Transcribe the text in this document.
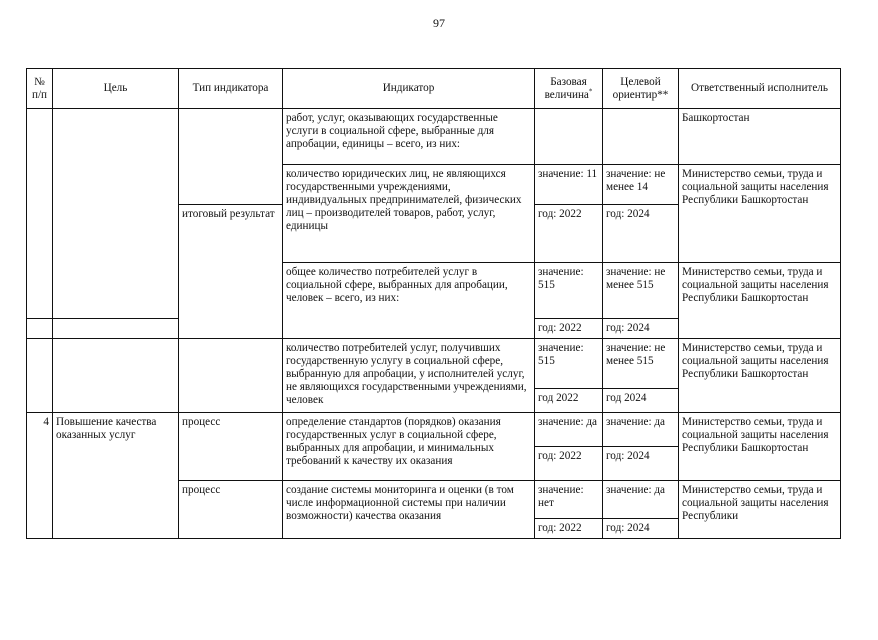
97
№ п/п	Цель	Тип индикатора	Индикатор	Базовая величина*	Целевой ориентир**	Ответственный исполнитель
			работ, услуг, оказывающих государственные услуги в социальной сфере, выбранные для апробации, единицы – всего, из них:			Башкортостан
			количество юридических лиц, не являющихся государственными учреждениями, индивидуальных предпринимателей, физических лиц – производителей товаров, работ, услуг, единицы	значение: 11	значение: не менее 14	Министерство семьи, труда и социальной защиты населения Республики Башкортостан
		итоговый результат		год: 2022	год: 2024	
			общее количество потребителей услуг в социальной сфере, выбранных для апробации, человек – всего, из них:	значение: 515	значение: не менее 515	Министерство семьи, труда и социальной защиты населения Республики Башкортостан
				год: 2022	год: 2024	
			количество потребителей услуг, получивших государственную услугу в социальной сфере, выбранную для апробации, у исполнителей услуг, не являющихся государственными учреждениями, человек	значение: 515	значение: не менее 515	Министерство семьи, труда и социальной защиты населения Республики Башкортостан
				год 2022	год 2024	
4	Повышение качества оказанных услуг	процесс	определение стандартов (порядков) оказания государственных услуг в социальной сфере, выбранных для апробации, и минимальных требований к качеству их оказания	значение: да	значение: да	Министерство семьи, труда и социальной защиты населения Республики Башкортостан
				год: 2022	год: 2024	
		процесс	создание системы мониторинга и оценки (в том числе информационной системы при наличии возможности) качества оказания	значение: нет	значение: да	Министерство семьи, труда и социальной защиты населения Республики
				год: 2022	год: 2024	
